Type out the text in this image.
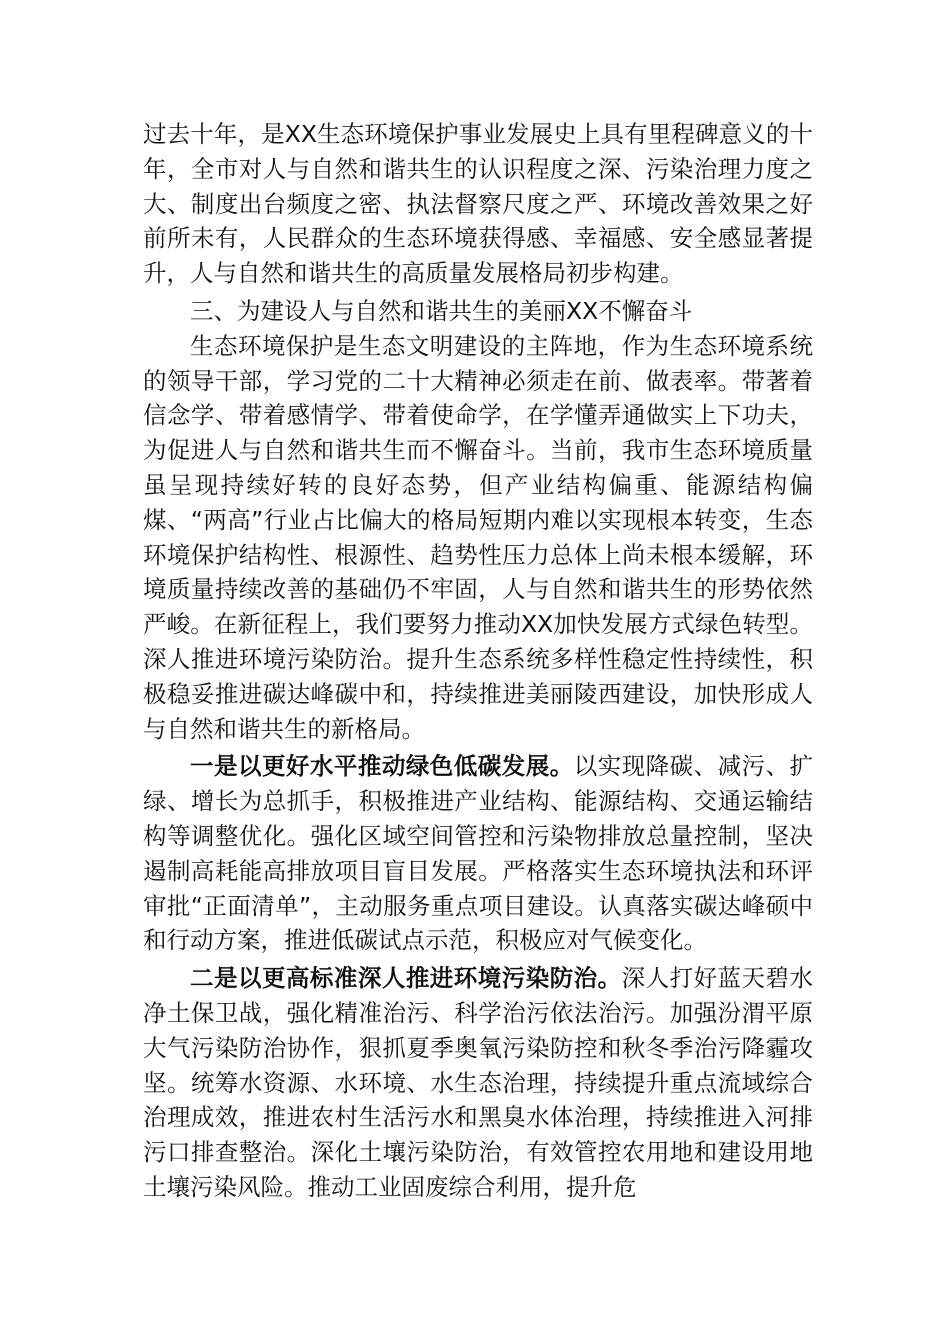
过去十年，是XX生态环境保护事业发展史上具有里程碑意义的十年，全市对人与自然和谐共生的认识程度之深、污染治理力度之大、制度出台频度之密、执法督察尺度之严、环境改善效果之好前所未有，人民群众的生态环境获得感、幸福感、安全感显著提升，人与自然和谐共生的高质量发展格局初步构建。

三、为建设人与自然和谐共生的美丽XX不懈奋斗

生态环境保护是生态文明建设的主阵地，作为生态环境系统的领导干部，学习党的二十大精神必须走在前、做表率。带著着信念学、带着感情学、带着使命学，在学懂弄通做实上下功夫，为促进人与自然和谐共生而不懈奋斗。当前，我市生态环境质量虽呈现持续好转的良好态势，但产业结构偏重、能源结构偏煤、“两高”行业占比偏大的格局短期内难以实现根本转变，生态环境保护结构性、根源性、趋势性压力总体上尚未根本缓解，环境质量持续改善的基础仍不牢固，人与自然和谐共生的形势依然严峻。在新征程上，我们要努力推动XX加快发展方式绿色转型。深人推进环境污染防治。提升生态系统多样性稳定性持续性，积极稳妥推进碳达峰碳中和，持续推进美丽陵西建设，加快形成人与自然和谐共生的新格局。

一是以更好水平推动绿色低碳发展。以实现降碳、减污、扩绿、增长为总抓手，积极推进产业结构、能源结构、交通运输结构等调整优化。强化区域空间管控和污染物排放总量控制，坚决遏制高耗能高排放项目盲目发展。严格落实生态环境执法和环评审批“正面清单”，主动服务重点项目建设。认真落实碳达峰硕中和行动方案，推进低碳试点示范，积极应对气候变化。

二是以更高标准深人推进环境污染防治。深人打好蓝天碧水净土保卫战，强化精准治污、科学治污依法治污。加强汾渭平原大气污染防治协作，狠抓夏季奥氧污染防控和秋冬季治污降霾攻坚。统筹水资源、水环境、水生态治理，持续提升重点流域综合治理成效，推进农村生活污水和黑臭水体治理，持续推进入河排污口排查整治。深化土壤污染防治，有效管控农用地和建设用地土壤污染风险。推动工业固废综合利用，提升危
